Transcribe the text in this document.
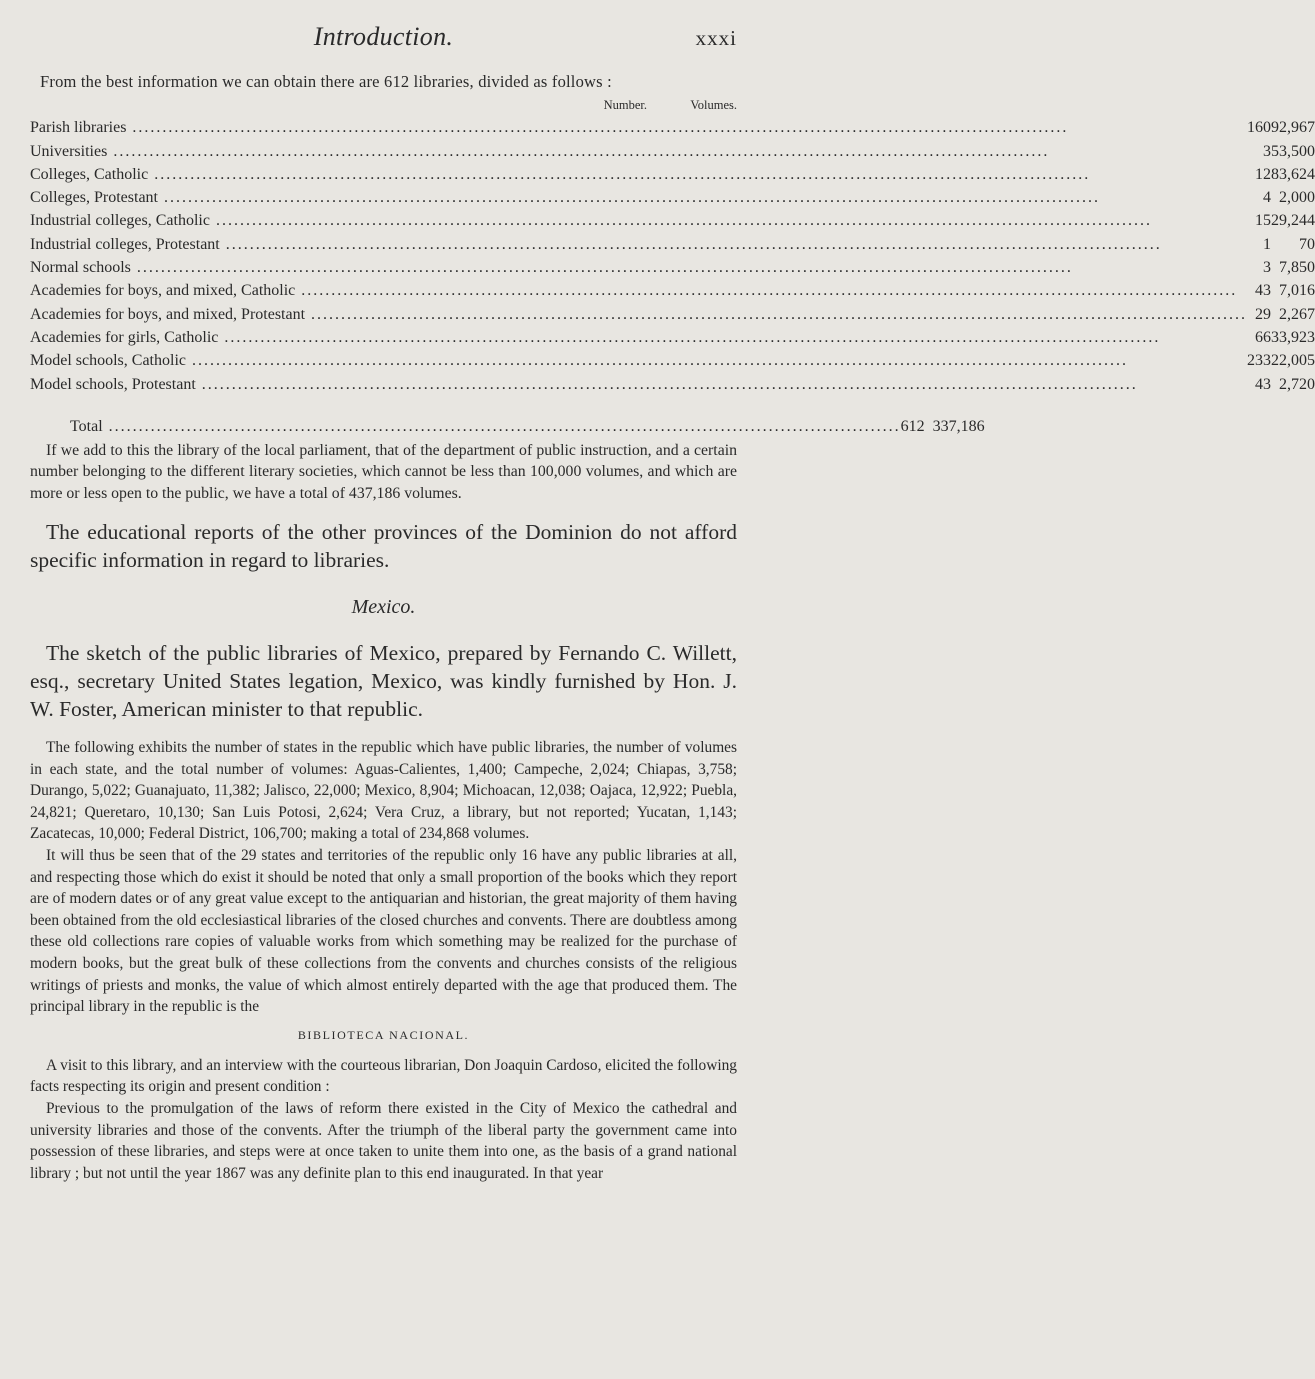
Introduction.	xxxi
From the best information we can obtain there are 612 libraries, divided as follows :
Number.	Volumes.
Parish libraries .....	160	92,967
Universities .....	3	53,500
Colleges, Catholic .....	12	83,624
Colleges, Protestant .....	4	2,000
Industrial colleges, Catholic .....	15	29,244
Industrial colleges, Protestant .....	1	70
Normal schools .....	3	7,850
Academies for boys, and mixed, Catholic .....	43	7,016
Academies for boys, and mixed, Protestant .....	29	2,267
Academies for girls, Catholic .....	66	33,923
Model schools, Catholic .....	233	22,005
Model schools, Protestant .....	43	2,720
Total .....	612 337,186

If we add to this the library of the local parliament, that of the department of public instruction, and a certain number belonging to the different literary societies, which cannot be less than 100,000 volumes, and which are more or less open to the public, we have a total of 437,186 volumes.

The educational reports of the other provinces of the Dominion do not afford specific information in regard to libraries.

Mexico.

The sketch of the public libraries of Mexico, prepared by Fernando C. Willett, esq., secretary United States legation, Mexico, was kindly furnished by Hon. J. W. Foster, American minister to that republic.

The following exhibits the number of states in the republic which have public libraries, the number of volumes in each state, and the total number of volumes: Aguas-Calientes, 1,400; Campeche, 2,024; Chiapas, 3,758; Durango, 5,022; Guanajuato, 11,382; Jalisco, 22,000; Mexico, 8,904; Michoacan, 12,038; Oajaca, 12,922; Puebla, 24,821; Queretaro, 10,130; San Luis Potosi, 2,624; Vera Cruz, a library, but not reported; Yucatan, 1,143; Zacatecas, 10,000; Federal District, 106,700; making a total of 234,868 volumes.

It will thus be seen that of the 29 states and territories of the republic only 16 have any public libraries at all, and respecting those which do exist it should be noted that only a small proportion of the books which they report are of modern dates or of any great value except to the antiquarian and historian, the great majority of them having been obtained from the old ecclesiastical libraries of the closed churches and convents. There are doubtless among these old collections rare copies of valuable works from which something may be realized for the purchase of modern books, but the great bulk of these collections from the convents and churches consists of the religious writings of priests and monks, the value of which almost entirely departed with the age that produced them. The principal library in the republic is the

BIBLIOTECA NACIONAL.

A visit to this library, and an interview with the courteous librarian, Don Joaquin Cardoso, elicited the following facts respecting its origin and present condition :

Previous to the promulgation of the laws of reform there existed in the City of Mexico the cathedral and university libraries and those of the convents. After the triumph of the liberal party the government came into possession of these libraries, and steps were at once taken to unite them into one, as the basis of a grand national library ; but not until the year 1867 was any definite plan to this end inaugurated. In that year
